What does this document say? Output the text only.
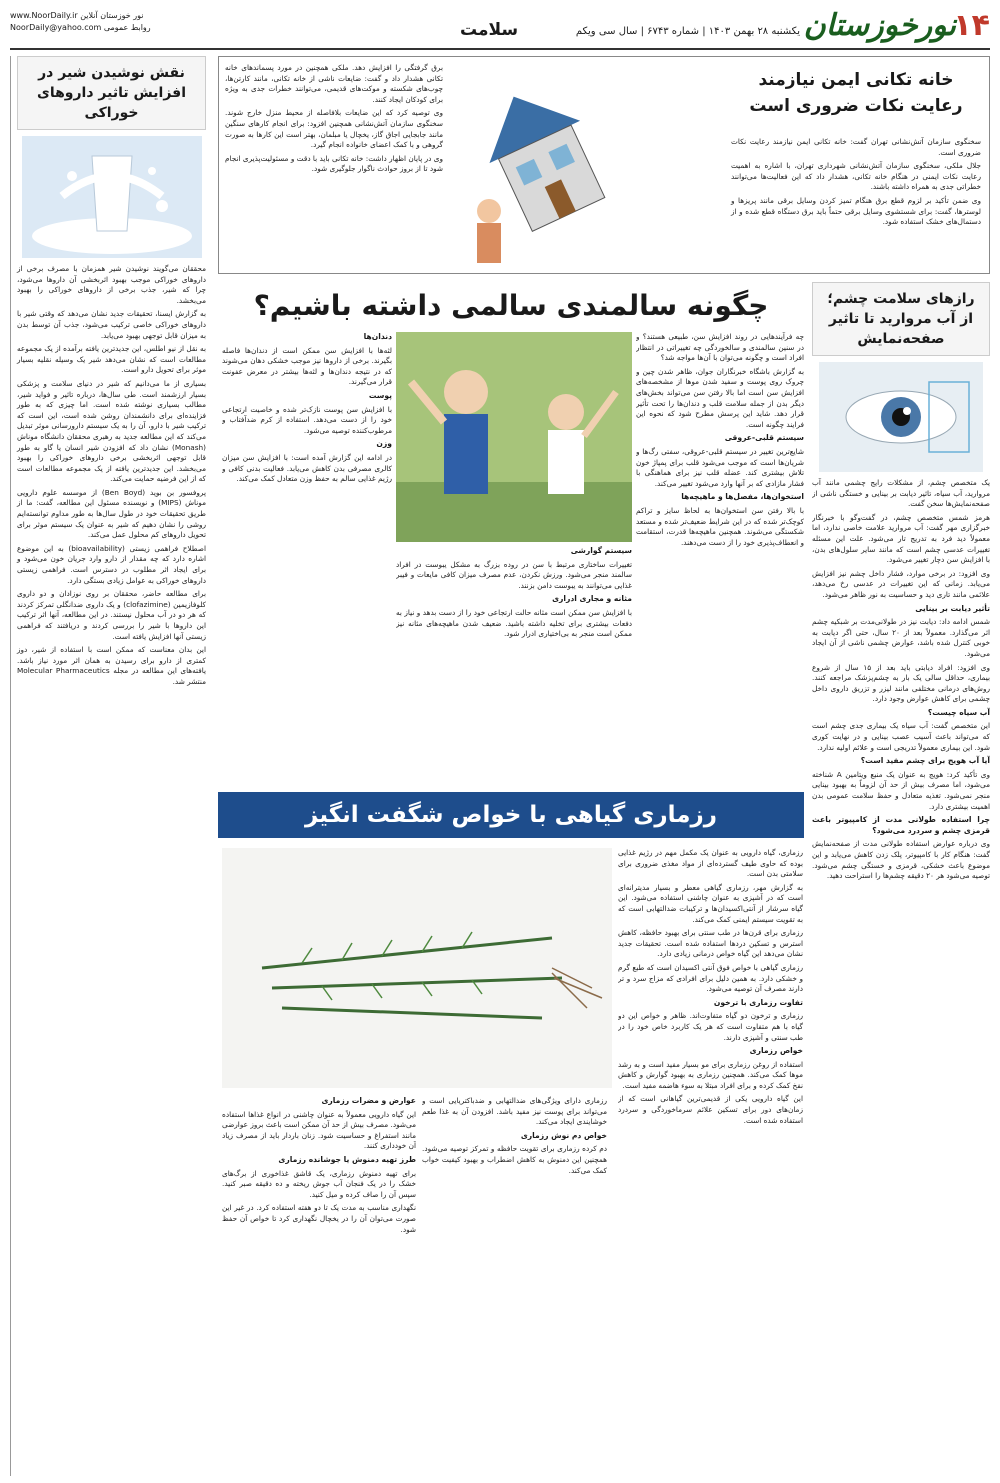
۱۴
نورخوزستان
یکشنبه ۲۸ بهمن ۱۴۰۳ | شماره ۶۷۴۳ | سال سی ویکم
سلامت
www.NoorDaily.ir نور خوزستان آنلاین
NoorDaily@yahoo.com روابط عمومی
نقش نوشیدن شیر در افزایش تاثیر داروهای خوراکی

محققان می‌گویند نوشیدن شیر همزمان با مصرف برخی از داروهای خوراکی موجب بهبود اثربخشی آن داروها می‌شود، چرا که شیر، جذب برخی از داروهای خوراکی را بهبود می‌بخشد.

به گزارش ایسنا، تحقیقات جدید نشان می‌دهد که وقتی شیر با داروهای خوراکی خاصی ترکیب می‌شود، جذب آن توسط بدن به میزان قابل توجهی بهبود می‌یابد.

به نقل از نیو اطلس، این جدیدترین یافته برآمده از یک مجموعه مطالعات است که نشان می‌دهد شیر یک وسیله نقلیه بسیار موثر برای تحویل دارو است.

بسیاری از ما می‌دانیم که شیر در دنیای سلامت و پزشکی بسیار ارزشمند است. طی سال‌ها، درباره تاثیر و فواید شیر، مطالب بسیاری نوشته شده است. اما چیزی که به طور فزاینده‌ای برای دانشمندان روشن شده است، این است که ترکیب شیر با دارو، آن را به یک سیستم دارورسانی موثر تبدیل می‌کند که این مطالعه جدید به رهبری محققان دانشگاه موناش (Monash) نشان داد که افزودن شیر انسان یا گاو به طور قابل توجهی اثربخشی برخی داروهای خوراکی را بهبود می‌بخشد. این جدیدترین یافته از یک مجموعه مطالعات است که از این فرضیه حمایت می‌کند.

پروفسور بن بوید (Ben Boyd) از موسسه علوم دارویی موناش (MIPS) و نویسنده مسئول این مطالعه، گفت: ما از طریق تحقیقات خود در طول سال‌ها به طور مداوم توانسته‌ایم روشی را نشان دهیم که شیر به عنوان یک سیستم موثر برای تحویل داروهای کم محلول عمل می‌کند.

اصطلاح فراهمی زیستی (bioavailability) به این موضوع اشاره دارد که چه مقدار از دارو وارد جریان خون می‌شود و برای ایجاد اثر مطلوب در دسترس است. فراهمی زیستی داروهای خوراکی به عوامل زیادی بستگی دارد.

برای مطالعه حاضر، محققان بر روی نوزادان و دو داروی کلوفازیمین (clofazimine) و یک داروی ضدانگلی تمرکز کردند که هر دو در آب محلول نیستند. در این مطالعه، آنها اثر ترکیب این داروها با شیر را بررسی کردند و دریافتند که فراهمی زیستی آنها افزایش یافته است.

این بدان معناست که ممکن است با استفاده از شیر، دوز کمتری از دارو برای رسیدن به همان اثر مورد نیاز باشد. یافته‌های این مطالعه در مجله Molecular Pharmaceutics منتشر شد.

رازهای سلامت چشم؛ از آب مروارید تا تاثیر صفحه‌نمایش

یک متخصص چشم، از مشکلات رایج چشمی مانند آب مروارید، آب سیاه، تاثیر دیابت بر بینایی و خستگی ناشی از صفحه‌نمایش‌ها سخن گفت.

هرمز شمس متخصص چشم، در گفت‌وگو با خبرنگار خبرگزاری مهر گفت: آب مروارید علامت خاصی ندارد، اما معمولاً دید فرد به تدریج تار می‌شود. علت این مسئله تغییرات عدسی چشم است که مانند سایر سلول‌های بدن، با افزایش سن دچار تغییر می‌شود.

وی افزود: در برخی موارد، فشار داخل چشم نیز افزایش می‌یابد. زمانی که این تغییرات در عدسی رخ می‌دهد، علائمی مانند تاری دید و حساسیت به نور ظاهر می‌شود.

تأثیر دیابت بر بینایی

شمس ادامه داد: دیابت نیز در طولانی‌مدت بر شبکیه چشم اثر می‌گذارد. معمولاً بعد از ۲۰ سال، حتی اگر دیابت به خوبی کنترل شده باشد، عوارض چشمی ناشی از آن ایجاد می‌شود.

وی افزود: افراد دیابتی باید بعد از ۱۵ سال از شروع بیماری، حداقل سالی یک بار به چشم‌پزشک مراجعه کنند. روش‌های درمانی مختلفی مانند لیزر و تزریق داروی داخل چشمی برای کاهش عوارض وجود دارد.

آب سیاه چیست؟

این متخصص گفت: آب سیاه یک بیماری جدی چشم است که می‌تواند باعث آسیب عصب بینایی و در نهایت کوری شود. این بیماری معمولاً تدریجی است و علائم اولیه ندارد.

آیا آب هویج برای چشم مفید است؟

وی تأکید کرد: هویج به عنوان یک منبع ویتامین A شناخته می‌شود، اما مصرف بیش از حد آن لزوماً به بهبود بینایی منجر نمی‌شود. تغذیه متعادل و حفظ سلامت عمومی بدن اهمیت بیشتری دارد.

چرا استفاده طولانی مدت از کامپیوتر باعث قرمزی چشم و سردرد می‌شود؟

وی درباره عوارض استفاده طولانی مدت از صفحه‌نمایش گفت: هنگام کار با کامپیوتر، پلک زدن کاهش می‌یابد و این موضوع باعث خشکی، قرمزی و خستگی چشم می‌شود. توصیه می‌شود هر ۲۰ دقیقه چشم‌ها را استراحت دهید.

خانه تکانی ایمن نیازمند رعایت نکات ضروری است

سخنگوی سازمان آتش‌نشانی تهران گفت: خانه تکانی ایمن نیازمند رعایت نکات ضروری است.

جلال ملکی، سخنگوی سازمان آتش‌نشانی شهرداری تهران، با اشاره به اهمیت رعایت نکات ایمنی در هنگام خانه تکانی، هشدار داد که این فعالیت‌ها می‌توانند خطراتی جدی به همراه داشته باشند.

وی ضمن تأکید بر لزوم قطع برق هنگام تمیز کردن وسایل برقی مانند پریزها و لوسترها، گفت: برای شستشوی وسایل برقی حتماً باید برق دستگاه قطع شده و از دستمال‌های خشک استفاده شود.

برق گرفتگی را افزایش دهد. ملکی همچنین در مورد پسماندهای خانه تکانی هشدار داد و گفت: ضایعات ناشی از خانه تکانی، مانند کارتن‌ها، چوب‌های شکسته و موکت‌های قدیمی، می‌توانند خطرات جدی به ویژه برای کودکان ایجاد کنند.

وی توصیه کرد که این ضایعات بلافاصله از محیط منزل خارج شوند. سخنگوی سازمان آتش‌نشانی همچنین افزود: برای انجام کارهای سنگین مانند جابجایی اجاق گاز، یخچال یا مبلمان، بهتر است این کارها به صورت گروهی و با کمک اعضای خانواده انجام گیرد.

وی در پایان اظهار داشت: خانه تکانی باید با دقت و مسئولیت‌پذیری انجام شود تا از بروز حوادث ناگوار جلوگیری شود.

چگونه سالمندی سالمی داشته باشیم؟

چه فرآیندهایی در روند افزایش سن، طبیعی هستند؟ و در سنین سالمندی و سالخوردگی چه تغییراتی در انتظار افراد است و چگونه می‌توان با آن‌ها مواجه شد؟

به گزارش باشگاه خبرنگاران جوان، ظاهر شدن چین و چروک روی پوست و سفید شدن موها از مشخصه‌های افزایش سن است اما بالا رفتن سن می‌تواند بخش‌های دیگر بدن از جمله سلامت قلب و دندان‌ها را تحت تأثیر قرار دهد. شاید این پرسش مطرح شود که نحوه این فرایند چگونه است.

سیستم قلبی-عروقی

شایع‌ترین تغییر در سیستم قلبی-عروقی، سفتی رگ‌ها و شریان‌ها است که موجب می‌شود قلب برای پمپاژ خون تلاش بیشتری کند. عضله قلب نیز برای هماهنگی با فشار مازادی که بر آنها وارد می‌شود تغییر می‌کند.

استخوان‌ها، مفصل‌ها و ماهیچه‌ها

با بالا رفتن سن استخوان‌ها به لحاظ سایز و تراکم کوچک‌تر شده که در این شرایط ضعیف‌تر شده و مستعد شکستگی می‌شوند. همچنین ماهیچه‌ها قدرت، استقامت و انعطاف‌پذیری خود را از دست می‌دهند.

سیستم گوارشی

تغییرات ساختاری مرتبط با سن در روده بزرگ به مشکل یبوست در افراد سالمند منجر می‌شود. ورزش نکردن، عدم مصرف میزان کافی مایعات و فیبر غذایی می‌توانند به یبوست دامن بزنند.

مثانه و مجاری ادراری

با افزایش سن ممکن است مثانه حالت ارتجاعی خود را از دست بدهد و نیاز به دفعات بیشتری برای تخلیه داشته باشید. ضعیف شدن ماهیچه‌های مثانه نیز ممکن است منجر به بی‌اختیاری ادرار شود.

دندان‌ها

لثه‌ها با افزایش سن ممکن است از دندان‌ها فاصله بگیرند. برخی از داروها نیز موجب خشکی دهان می‌شوند که در نتیجه دندان‌ها و لثه‌ها بیشتر در معرض عفونت قرار می‌گیرند.

پوست

با افزایش سن پوست نازک‌تر شده و خاصیت ارتجاعی خود را از دست می‌دهد. استفاده از کرم ضدآفتاب و مرطوب‌کننده توصیه می‌شود.

وزن

در ادامه این گزارش آمده است: با افزایش سن میزان کالری مصرفی بدن کاهش می‌یابد. فعالیت بدنی کافی و رژیم غذایی سالم به حفظ وزن متعادل کمک می‌کند.

رزماری گیاهی با خواص شگفت انگیز

رزماری، گیاه دارویی به عنوان یک مکمل مهم در رژیم غذایی بوده که حاوی طیف گسترده‌ای از مواد مغذی ضروری برای سلامتی بدن است.

به گزارش مهر، رزماری گیاهی معطر و بسیار مدیترانه‌ای است که در آشپزی به عنوان چاشنی استفاده می‌شود. این گیاه سرشار از آنتی‌اکسیدان‌ها و ترکیبات ضدالتهابی است که به تقویت سیستم ایمنی کمک می‌کند.

رزماری برای قرن‌ها در طب سنتی برای بهبود حافظه، کاهش استرس و تسکین دردها استفاده شده است. تحقیقات جدید نشان می‌دهد این گیاه خواص درمانی زیادی دارد.

رزماری گیاهی با خواص فوق آنتی اکسیدان است که طبع گرم و خشکی دارد. به همین دلیل برای افرادی که مزاج سرد و تر دارند مصرف آن توصیه می‌شود.

تفاوت رزماری با ترخون

رزماری و ترخون دو گیاه متفاوت‌اند. ظاهر و خواص این دو گیاه با هم متفاوت است که هر یک کاربرد خاص خود را در طب سنتی و آشپزی دارند.

خواص رزماری

استفاده از روغن رزماری برای مو بسیار مفید است و به رشد موها کمک می‌کند. همچنین رزماری به بهبود گوارش و کاهش نفخ کمک کرده و برای افراد مبتلا به سوء هاضمه مفید است.

این گیاه دارویی یکی از قدیمی‌ترین گیاهانی است که از زمان‌های دور برای تسکین علائم سرماخوردگی و سردرد استفاده شده است.

رزماری دارای ویژگی‌های ضدالتهابی و ضدباکتریایی است و می‌تواند برای پوست نیز مفید باشد. افزودن آن به غذا طعم خوشایندی ایجاد می‌کند.

خواص دم نوش رزماری

دم کرده رزماری برای تقویت حافظه و تمرکز توصیه می‌شود. همچنین این دمنوش به کاهش اضطراب و بهبود کیفیت خواب کمک می‌کند.

عوارض و مضرات رزماری

این گیاه دارویی معمولاً به عنوان چاشنی در انواع غذاها استفاده می‌شود. مصرف بیش از حد آن ممکن است باعث بروز عوارضی مانند استفراغ و حساسیت شود. زنان باردار باید از مصرف زیاد آن خودداری کنند.

طرز تهیه دمنوش یا جوشانده رزماری

برای تهیه دمنوش رزماری، یک قاشق غذاخوری از برگ‌های خشک را در یک فنجان آب جوش ریخته و ده دقیقه صبر کنید. سپس آن را صاف کرده و میل کنید.

نگهداری مناسب به مدت یک تا دو هفته استفاده کرد. در غیر این صورت می‌توان آن را در یخچال نگهداری کرد تا خواص آن حفظ شود.
